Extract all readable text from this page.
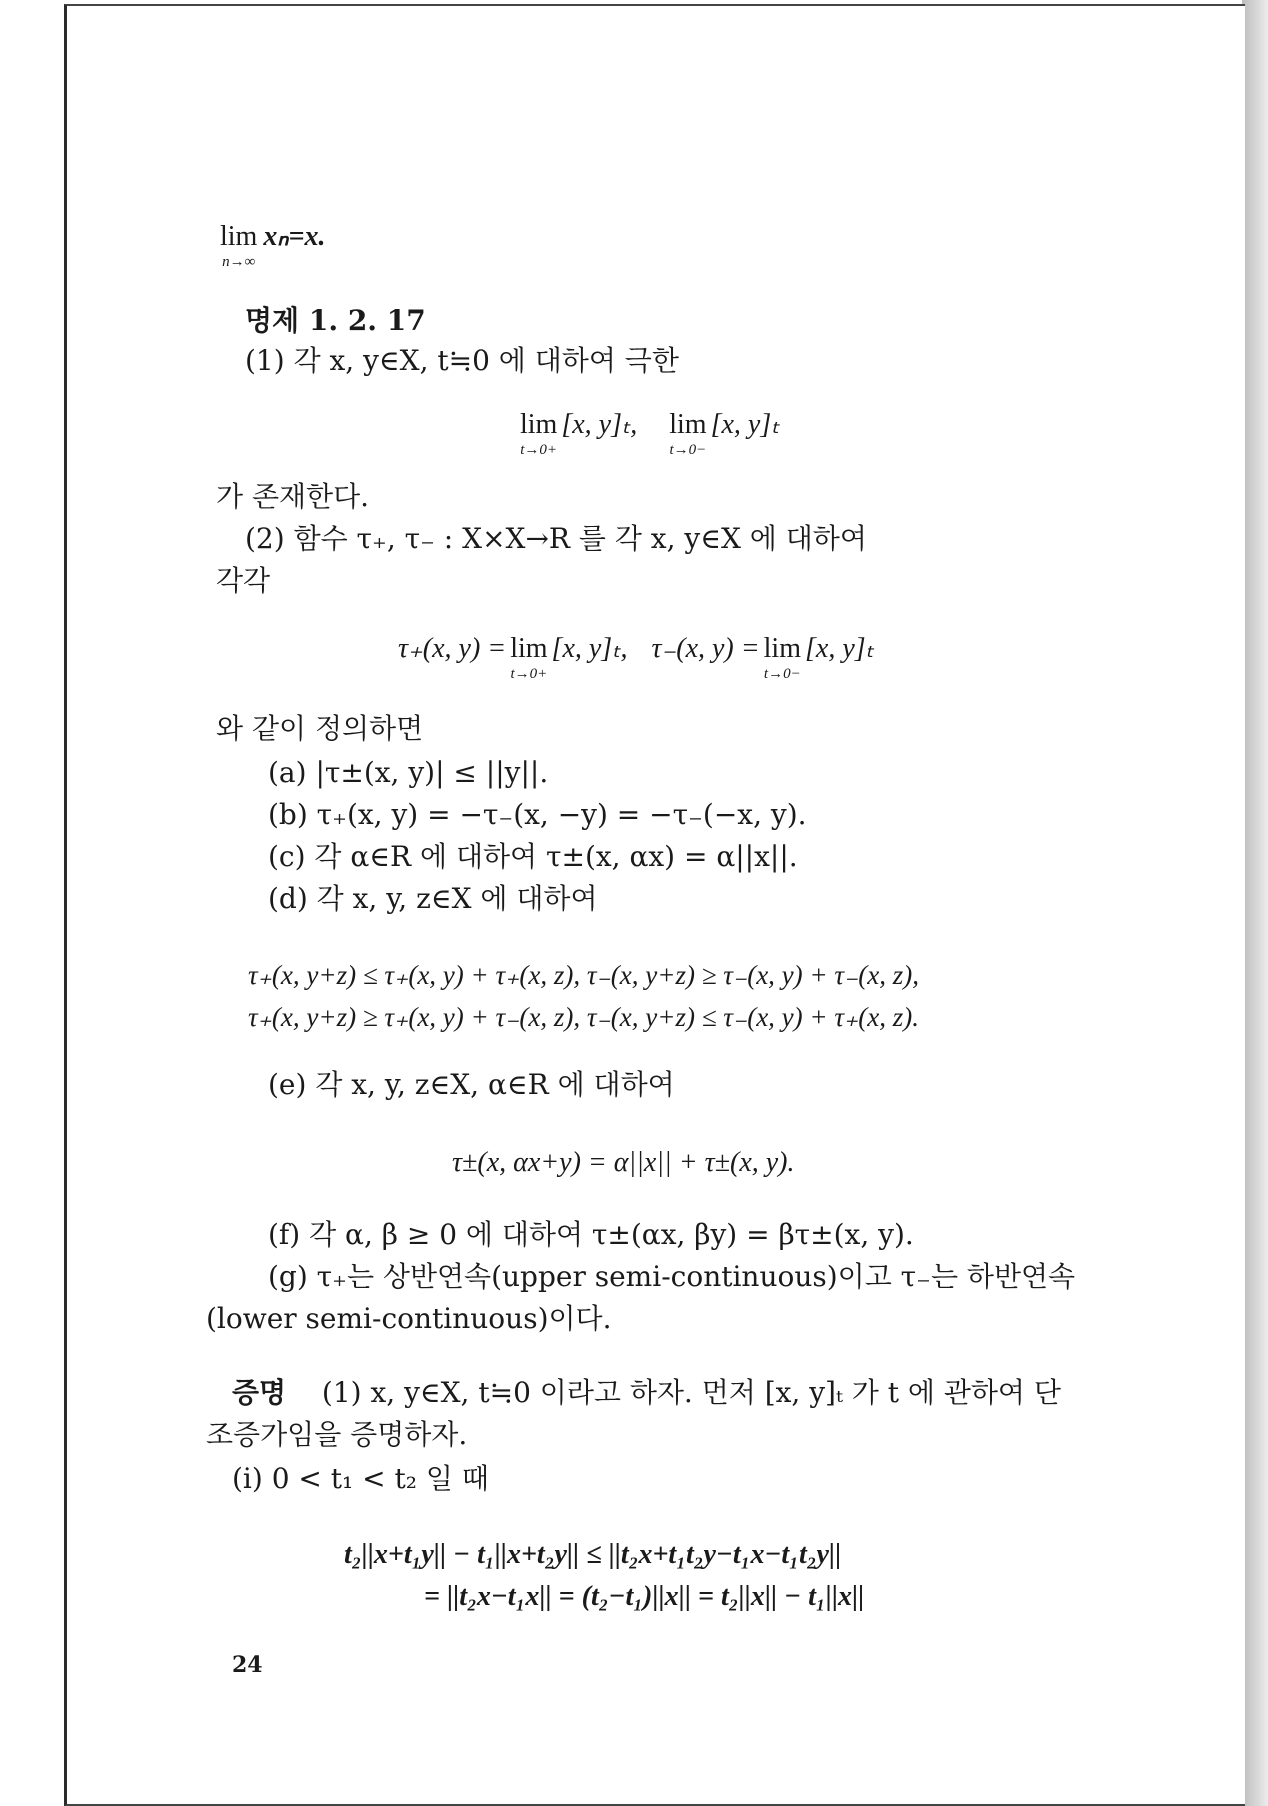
lim
n→∞
xₙ=x.
명제 1. 2. 17
(1) 각 x, y∈X, t≒0 에 대하여 극한
lim
t→0+
[x, y]ₜ, lim
t→0−
[x, y]ₜ
가 존재한다.
(2) 함수 τ₊, τ₋ : X×X→R 를 각 x, y∈X 에 대하여
각각
τ₊(x, y) = lim
t→0+
[x, y]ₜ, τ₋(x, y) = lim
t→0−
[x, y]ₜ
와 같이 정의하면
(a) |τ±(x, y)| ≤ ||y||.
(b) τ₊(x, y) = −τ₋(x, −y) = −τ₋(−x, y).
(c) 각 α∈R 에 대하여 τ±(x, αx) = α||x||.
(d) 각 x, y, z∈X 에 대하여
τ₊(x, y+z) ≤ τ₊(x, y) + τ₊(x, z), τ₋(x, y+z) ≥ τ₋(x, y) + τ₋(x, z),
τ₊(x, y+z) ≥ τ₊(x, y) + τ₋(x, z), τ₋(x, y+z) ≤ τ₋(x, y) + τ₊(x, z).
(e) 각 x, y, z∈X, α∈R 에 대하여
τ±(x, αx+y) = α||x|| + τ±(x, y).
(f) 각 α, β ≥ 0 에 대하여 τ±(αx, βy) = βτ±(x, y).
(g) τ₊는 상반연속(upper semi-continuous)이고 τ₋는 하반연속
(lower semi-continuous)이다.
증명 (1) x, y∈X, t≒0 이라고 하자. 먼저 [x, y]ₜ 가 t 에 관하여 단
조증가임을 증명하자.
(i) 0 < t₁ < t₂ 일 때
t₂||x+t₁y|| − t₁||x+t₂y|| ≤ ||t₂x+t₁t₂y−t₁x−t₁t₂y||
= ||t₂x−t₁x|| = (t₂−t₁)||x|| = t₂||x|| − t₁||x||
24
